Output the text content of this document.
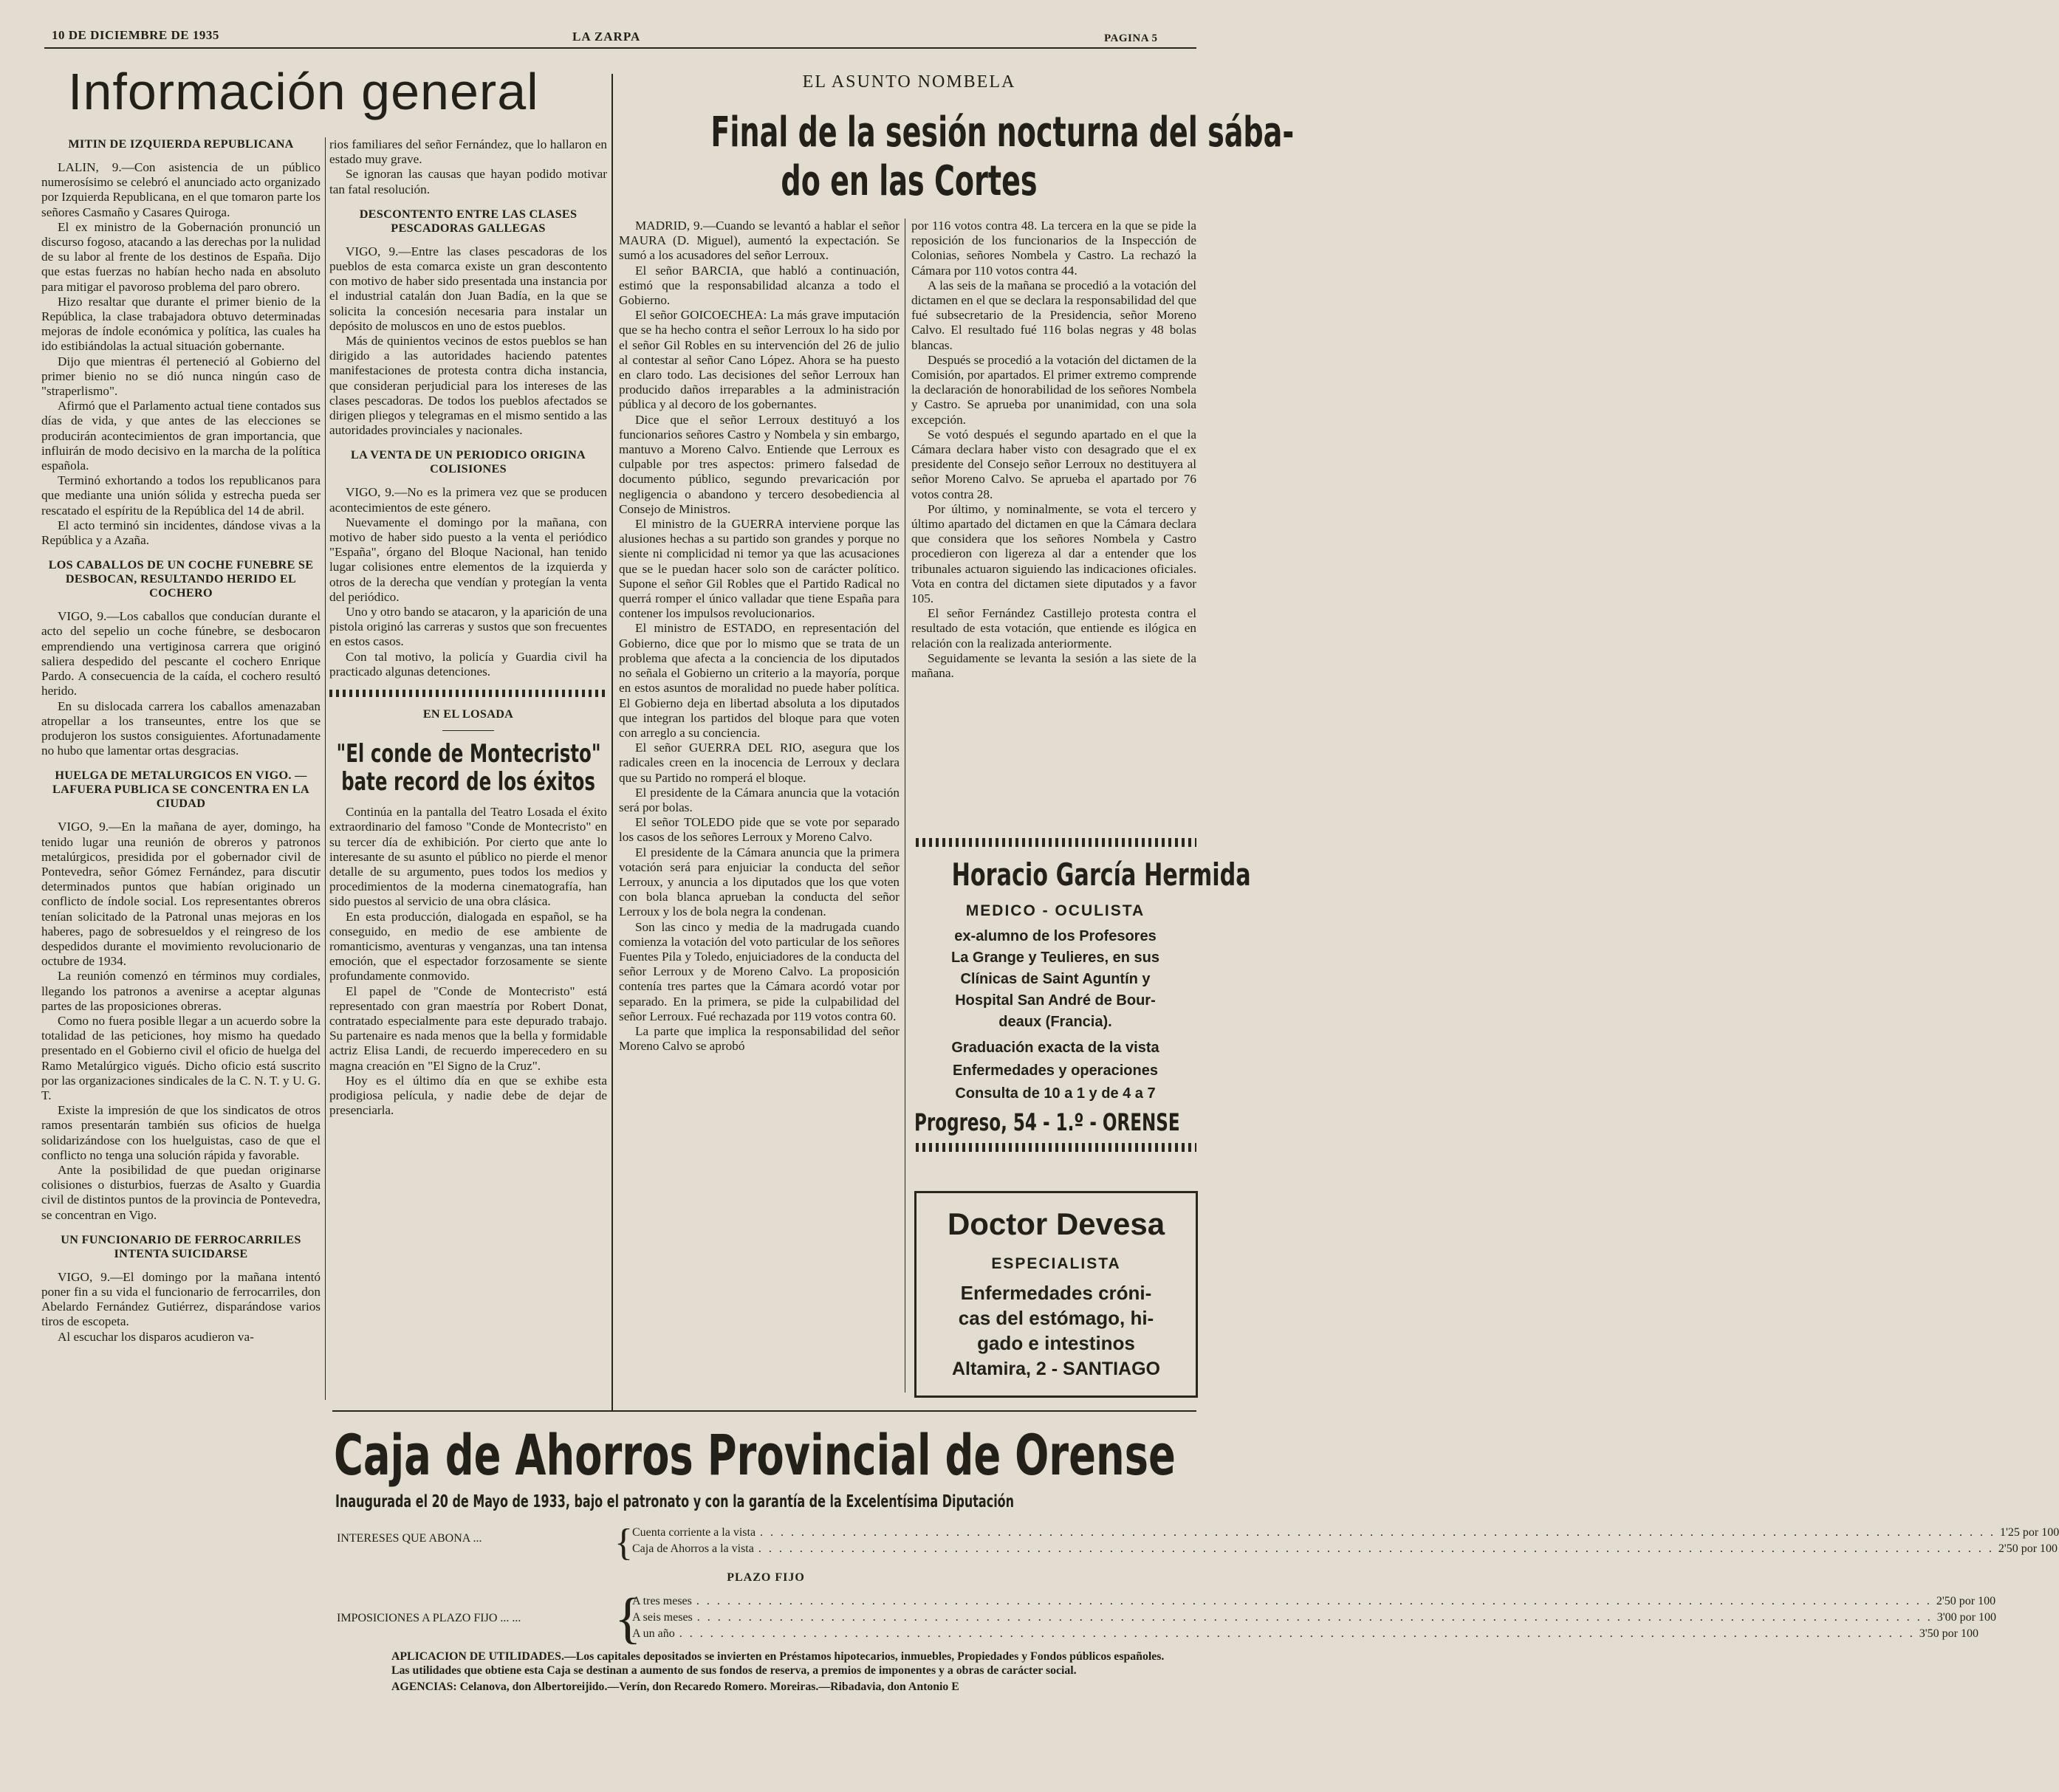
10 DE DICIEMBRE DE 1935	LA ZARPA	PAGINA 5
Información general
MITIN DE IZQUIERDA REPUBLICANA

LALIN, 9.—Con asistencia de un público numerosísimo se celebró el anunciado acto organizado por Izquierda Republicana, en el que tomaron parte los señores Casmaño y Casares Quiroga.

El ex ministro de la Gobernación pronunció un discurso fogoso, atacando a las derechas por la nulidad de su labor al frente de los destinos de España. Dijo que estas fuerzas no habían hecho nada en absoluto para mitigar el pavoroso problema del paro obrero.

Hizo resaltar que durante el primer bienio de la República, la clase trabajadora obtuvo determinadas mejoras de índole económica y política, las cuales ha ido estibiándolas la actual situación gobernante.

Dijo que mientras él perteneció al Gobierno del primer bienio no se dió nunca ningún caso de "straperlismo".

Afirmó que el Parlamento actual tiene contados sus días de vida, y que antes de las elecciones se producirán acontecimientos de gran importancia, que influirán de modo decisivo en la marcha de la política española.

Terminó exhortando a todos los republicanos para que mediante una unión sólida y estrecha pueda ser rescatado el espíritu de la República del 14 de abril.

El acto terminó sin incidentes, dándose vivas a la República y a Azaña.

LOS CABALLOS DE UN COCHE FUNEBRE SE DESBOCAN, RESULTANDO HERIDO EL COCHERO

VIGO, 9.—Los caballos que conducían durante el acto del sepelio un coche fúnebre, se desbocaron emprendiendo una vertiginosa carrera que originó saliera despedido del pescante el cochero Enrique Pardo. A consecuencia de la caída, el cochero resultó herido.

En su dislocada carrera los caballos amenazaban atropellar a los transeuntes, entre los que se produjeron los sustos consiguientes. Afortunadamente no hubo que lamentar ortas desgracias.

HUELGA DE METALURGICOS EN VIGO. — LAFUERA PUBLICA SE CONCENTRA EN LA CIUDAD

VIGO, 9.—En la mañana de ayer, domingo, ha tenido lugar una reunión de obreros y patronos metalúrgicos, presidida por el gobernador civil de Pontevedra, señor Gómez Fernández, para discutir determinados puntos que habían originado un conflicto de índole social. Los representantes obreros tenían solicitado de la Patronal unas mejoras en los haberes, pago de sobresueldos y el reingreso de los despedidos durante el movimiento revolucionario de octubre de 1934.

La reunión comenzó en términos muy cordiales, llegando los patronos a avenirse a aceptar algunas partes de las proposiciones obreras.

Como no fuera posible llegar a un acuerdo sobre la totalidad de las peticiones, hoy mismo ha quedado presentado en el Gobierno civil el oficio de huelga del Ramo Metalúrgico vigués. Dicho oficio está suscrito por las organizaciones sindicales de la C. N. T. y U. G. T.

Existe la impresión de que los sindicatos de otros ramos presentarán también sus oficios de huelga solidarizándose con los huelguistas, caso de que el conflicto no tenga una solución rápida y favorable.

Ante la posibilidad de que puedan originarse colisiones o disturbios, fuerzas de Asalto y Guardia civil de distintos puntos de la provincia de Pontevedra, se concentran en Vigo.

UN FUNCIONARIO DE FERROCARRILES INTENTA SUICIDARSE

VIGO, 9.—El domingo por la mañana intentó poner fin a su vida el funcionario de ferrocarriles, don Abelardo Fernández Gutiérrez, disparándose varios tiros de escopeta.

Al escuchar los disparos acudieron va-

rios familiares del señor Fernández, que lo hallaron en estado muy grave.

Se ignoran las causas que hayan podido motivar tan fatal resolución.

DESCONTENTO ENTRE LAS CLASES PESCADORAS GALLEGAS

VIGO, 9.—Entre las clases pescadoras de los pueblos de esta comarca existe un gran descontento con motivo de haber sido presentada una instancia por el industrial catalán don Juan Badía, en la que se solicita la concesión necesaria para instalar un depósito de moluscos en uno de estos pueblos.

Más de quinientos vecinos de estos pueblos se han dirigido a las autoridades haciendo patentes manifestaciones de protesta contra dicha instancia, que consideran perjudicial para los intereses de las clases pescadoras. De todos los pueblos afectados se dirigen pliegos y telegramas en el mismo sentido a las autoridades provinciales y nacionales.

LA VENTA DE UN PERIODICO ORIGINA COLISIONES

VIGO, 9.—No es la primera vez que se producen acontecimientos de este género.

Nuevamente el domingo por la mañana, con motivo de haber sido puesto a la venta el periódico "España", órgano del Bloque Nacional, han tenido lugar colisiones entre elementos de la izquierda y otros de la derecha que vendían y protegían la venta del periódico.

Uno y otro bando se atacaron, y la aparición de una pistola originó las carreras y sustos que son frecuentes en estos casos.

Con tal motivo, la policía y Guardia civil ha practicado algunas detenciones.

EN EL LOSADA
"El conde de Montecristo"
bate record de los éxitos

Continúa en la pantalla del Teatro Losada el éxito extraordinario del famoso "Conde de Montecristo" en su tercer día de exhibición. Por cierto que ante lo interesante de su asunto el público no pierde el menor detalle de su argumento, pues todos los medios y procedimientos de la moderna cinematografía, han sido puestos al servicio de una obra clásica.

En esta producción, dialogada en español, se ha conseguido, en medio de ese ambiente de romanticismo, aventuras y venganzas, una tan intensa emoción, que el espectador forzosamente se siente profundamente conmovido.

El papel de "Conde de Montecristo" está representado con gran maestría por Robert Donat, contratado especialmente para este depurado trabajo. Su partenaire es nada menos que la bella y formidable actriz Elisa Landi, de recuerdo imperecedero en su magna creación en "El Signo de la Cruz".

Hoy es el último día en que se exhibe esta prodigiosa película, y nadie debe de dejar de presenciarla.

EL ASUNTO NOMBELA
Final de la sesión nocturna del sába-
do en las Cortes

MADRID, 9.—Cuando se levantó a hablar el señor MAURA (D. Miguel), aumentó la expectación. Se sumó a los acusadores del señor Lerroux.

El señor BARCIA, que habló a continuación, estimó que la responsabilidad alcanza a todo el Gobierno.

El señor GOICOECHEA: La más grave imputación que se ha hecho contra el señor Lerroux lo ha sido por el señor Gil Robles en su intervención del 26 de julio al contestar al señor Cano López. Ahora se ha puesto en claro todo. Las decisiones del señor Lerroux han producido daños irreparables a la administración pública y al decoro de los gobernantes.

Dice que el señor Lerroux destituyó a los funcionarios señores Castro y Nombela y sin embargo, mantuvo a Moreno Calvo. Entiende que Lerroux es culpable por tres aspectos: primero falsedad de documento público, segundo prevaricación por negligencia o abandono y tercero desobediencia al Consejo de Ministros.

El ministro de la GUERRA interviene porque las alusiones hechas a su partido son grandes y porque no siente ni complicidad ni temor ya que las acusaciones que se le puedan hacer solo son de carácter político. Supone el señor Gil Robles que el Partido Radical no querrá romper el único valladar que tiene España para contener los impulsos revolucionarios.

El ministro de ESTADO, en representación del Gobierno, dice que por lo mismo que se trata de un problema que afecta a la conciencia de los diputados no señala el Gobierno un criterio a la mayoría, porque en estos asuntos de moralidad no puede haber política. El Gobierno deja en libertad absoluta a los diputados que integran los partidos del bloque para que voten con arreglo a su conciencia.

El señor GUERRA DEL RIO, asegura que los radicales creen en la inocencia de Lerroux y declara que su Partido no romperá el bloque.

El presidente de la Cámara anuncia que la votación será por bolas.

El señor TOLEDO pide que se vote por separado los casos de los señores Lerroux y Moreno Calvo.

El presidente de la Cámara anuncia que la primera votación será para enjuiciar la conducta del señor Lerroux, y anuncia a los diputados que los que voten con bola blanca aprueban la conducta del señor Lerroux y los de bola negra la condenan.

Son las cinco y media de la madrugada cuando comienza la votación del voto particular de los señores Fuentes Pila y Toledo, enjuiciadores de la conducta del señor Lerroux y de Moreno Calvo. La proposición contenía tres partes que la Cámara acordó votar por separado. En la primera, se pide la culpabilidad del señor Lerroux. Fué rechazada por 119 votos contra 60.

La parte que implica la responsabilidad del señor Moreno Calvo se aprobó

por 116 votos contra 48. La tercera en la que se pide la reposición de los funcionarios de la Inspección de Colonias, señores Nombela y Castro. La rechazó la Cámara por 110 votos contra 44.

A las seis de la mañana se procedió a la votación del dictamen en el que se declara la responsabilidad del que fué subsecretario de la Presidencia, señor Moreno Calvo. El resultado fué 116 bolas negras y 48 bolas blancas.

Después se procedió a la votación del dictamen de la Comisión, por apartados. El primer extremo comprende la declaración de honorabilidad de los señores Nombela y Castro. Se aprueba por unanimidad, con una sola excepción.

Se votó después el segundo apartado en el que la Cámara declara haber visto con desagrado que el ex presidente del Consejo señor Lerroux no destituyera al señor Moreno Calvo. Se aprueba el apartado por 76 votos contra 28.

Por último, y nominalmente, se vota el tercero y último apartado del dictamen en que la Cámara declara que considera que los señores Nombela y Castro procedieron con ligereza al dar a entender que los tribunales actuaron siguiendo las indicaciones oficiales. Vota en contra del dictamen siete diputados y a favor 105.

El señor Fernández Castillejo protesta contra el resultado de esta votación, que entiende es ilógica en relación con la realizada anteriormente.

Seguidamente se levanta la sesión a las siete de la mañana.

Horacio García Hermida
MEDICO - OCULISTA
ex-alumno de los Profesores
La Grange y Teulieres, en sus
Clínicas de Saint Aguntín y
Hospital San André de Bour-
deaux (Francia).
Graduación exacta de la vista
Enfermedades y operaciones
Consulta de 10 a 1 y de 4 a 7
Progreso, 54 - 1.º - ORENSE
Doctor Devesa
ESPECIALISTA
Enfermedades cróni-
cas del estómago, hi-
gado e intestinos
Altamira, 2 - SANTIAGO
Caja de Ahorros Provincial de Orense
Inaugurada el 20 de Mayo de 1933, bajo el patronato y con la garantía de la Excelentísima Diputación
INTERESES QUE ABONA ...	{ Cuenta corriente a la vista . . . . . . . . . . . . . . . . . . . . . . . . . . . . . . . . . . . . . . . . . . . . . . . . . . . . . . . . . . . . . . . . . . . . . . . . . . . . . . . . . . . . . . . . . . . . . . . . . . . . . . . . . . . . . . . . . . . . . . . . 1'25 por 100
Caja de Ahorros a la vista . . . . . . . . . . . . . . . . . . . . . . . . . . . . . . . . . . . . . . . . . . . . . . . . . . . . . . . . . . . . . . . . . . . . . . . . . . . . . . . . . . . . . . . . . . . . . . . . . . . . . . . . . . . . . . . . . . . . . . . . 2'50 por 100
PLAZO FIJO
IMPOSICIONES A PLAZO FIJO ... ... {
A tres meses . . . . . . . . . . . . . . . . . . . . . . . . . . . . . . . . . . . . . . . . . . . . . . . . . . . . . . . . . . . . . . . . . . . . . . . . . . . . . . . . . . . . . . . . . . . . . . . . . . . . . . . . . . . . . . . . . . . . . . . . 2'50 por 100
A seis meses . . . . . . . . . . . . . . . . . . . . . . . . . . . . . . . . . . . . . . . . . . . . . . . . . . . . . . . . . . . . . . . . . . . . . . . . . . . . . . . . . . . . . . . . . . . . . . . . . . . . . . . . . . . . . . . . . . . . . . . . 3'00 por 100
A un año . . . . . . . . . . . . . . . . . . . . . . . . . . . . . . . . . . . . . . . . . . . . . . . . . . . . . . . . . . . . . . . . . . . . . . . . . . . . . . . . . . . . . . . . . . . . . . . . . . . . . . . . . . . . . . . . . . . . . . . . 3'50 por 100
APLICACION DE UTILIDADES.—Los capitales depositados se invierten en Préstamos hipotecarios, inmuebles, Propiedades y Fondos públicos españoles.
Las utilidades que obtiene esta Caja se destinan a aumento de sus fondos de reserva, a premios de imponentes y a obras de carácter social.
AGENCIAS: Celanova, don Albertoreijido.—Verín, don Recaredo Romero. Moreiras.—Ribadavia, don Antonio E
